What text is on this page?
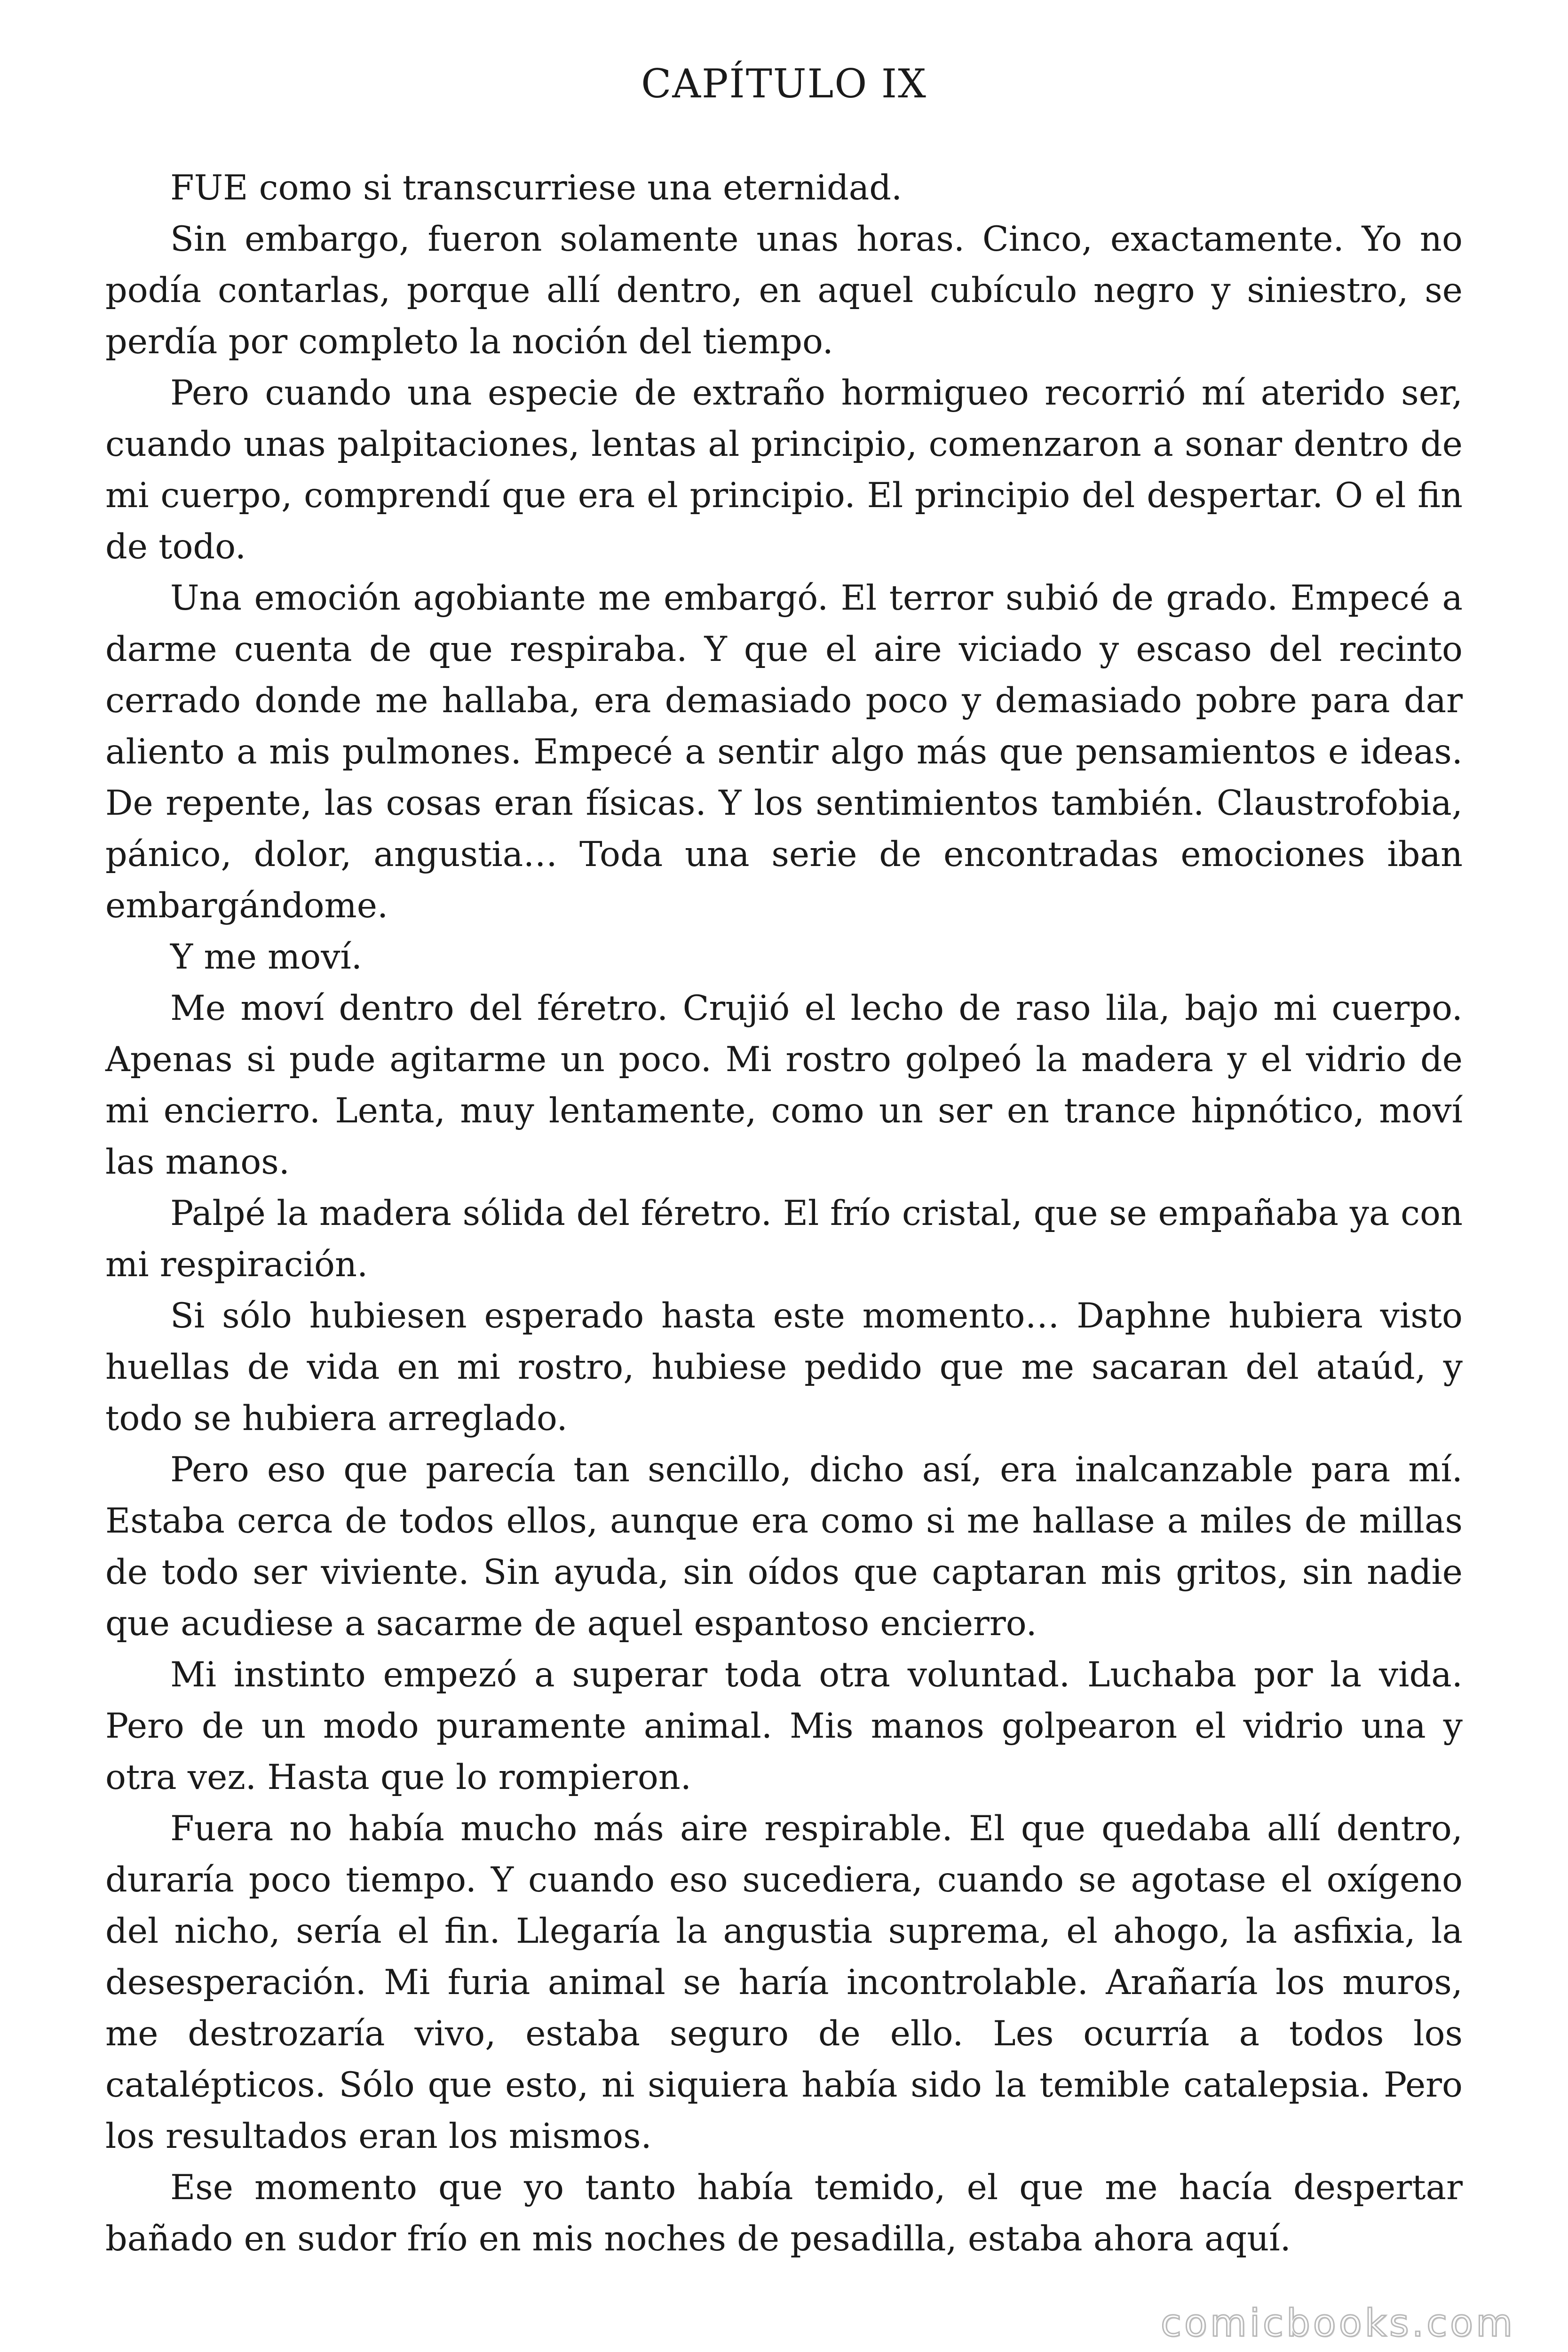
CAPÍTULO IX

FUE como si transcurriese una eternidad.

Sin embargo, fueron solamente unas horas. Cinco, exactamente. Yo no podía contarlas, porque allí dentro, en aquel cubículo negro y siniestro, se perdía por completo la noción del tiempo.

Pero cuando una especie de extraño hormigueo recorrió mí aterido ser, cuando unas palpitaciones, lentas al principio, comenzaron a sonar dentro de mi cuerpo, comprendí que era el principio. El principio del despertar. O el fin de todo.

Una emoción agobiante me embargó. El terror subió de grado. Empecé a darme cuenta de que respiraba. Y que el aire viciado y escaso del recinto cerrado donde me hallaba, era demasiado poco y demasiado pobre para dar aliento a mis pulmones. Empecé a sentir algo más que pensamientos e ideas. De repente, las cosas eran físicas. Y los sentimientos también. Claustrofobia, pánico, dolor, angustia… Toda una serie de encontradas emociones iban embargándome.

Y me moví.

Me moví dentro del féretro. Crujió el lecho de raso lila, bajo mi cuerpo. Apenas si pude agitarme un poco. Mi rostro golpeó la madera y el vidrio de mi encierro. Lenta, muy lentamente, como un ser en trance hipnótico, moví las manos.

Palpé la madera sólida del féretro. El frío cristal, que se empañaba ya con mi respiración.

Si sólo hubiesen esperado hasta este momento… Daphne hubiera visto huellas de vida en mi rostro, hubiese pedido que me sacaran del ataúd, y todo se hubiera arreglado.

Pero eso que parecía tan sencillo, dicho así, era inalcanzable para mí. Estaba cerca de todos ellos, aunque era como si me hallase a miles de millas de todo ser viviente. Sin ayuda, sin oídos que captaran mis gritos, sin nadie que acudiese a sacarme de aquel espantoso encierro.

Mi instinto empezó a superar toda otra voluntad. Luchaba por la vida. Pero de un modo puramente animal. Mis manos golpearon el vidrio una y otra vez. Hasta que lo rompieron.

Fuera no había mucho más aire respirable. El que quedaba allí dentro, duraría poco tiempo. Y cuando eso sucediera, cuando se agotase el oxígeno del nicho, sería el fin. Llegaría la angustia suprema, el ahogo, la asfixia, la desesperación. Mi furia animal se haría incontrolable. Arañaría los muros, me destrozaría vivo, estaba seguro de ello. Les ocurría a todos los catalépticos. Sólo que esto, ni siquiera había sido la temible catalepsia. Pero los resultados eran los mismos.

Ese momento que yo tanto había temido, el que me hacía despertar bañado en sudor frío en mis noches de pesadilla, estaba ahora aquí.

comicbooks.com
